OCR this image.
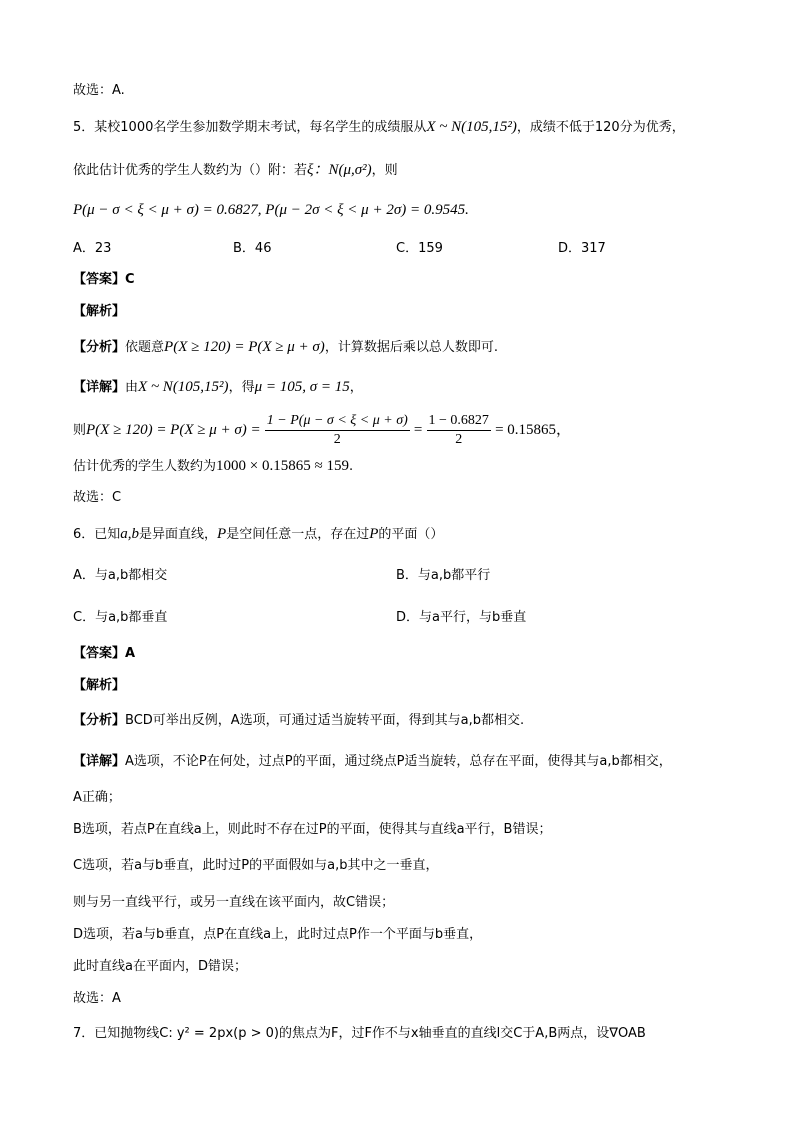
故选：A.
5．某校1000名学生参加数学期末考试，每名学生的成绩服从X ~ N(105,15²)，成绩不低于120分为优秀，
依此估计优秀的学生人数约为（）附：若ξ：N(μ,σ²)，则
P(μ − σ < ξ < μ + σ) = 0.6827, P(μ − 2σ < ξ < μ + 2σ) = 0.9545.
A．23	B．46	C．159	D．317
【答案】C
【解析】
【分析】依题意P(X ≥ 120) = P(X ≥ μ + σ)，计算数据后乘以总人数即可.
【详解】由X ~ N(105,15²)，得μ = 105, σ = 15，
则$P(X \ge 120) = P(X \ge \mu + \sigma) = \frac{1 - P(\mu - \sigma < \xi < \mu + \sigma)}{2} = \frac{1 - 0.6827}{2} = 0.15865$，
估计优秀的学生人数约为1000 × 0.15865 ≈ 159.
故选：C
6．已知a,b是异面直线，P是空间任意一点，存在过P的平面（）
A．与a,b都相交	B．与a,b都平行
C．与a,b都垂直	D．与a平行，与b垂直
【答案】A
【解析】
【分析】BCD可举出反例，A选项，可通过适当旋转平面，得到其与a,b都相交.
【详解】A选项，不论P在何处，过点P的平面，通过绕点P适当旋转，总存在平面，使得其与a,b都相交，
A正确；
B选项，若点P在直线a上，则此时不存在过P的平面，使得其与直线a平行，B错误；
C选项，若a与b垂直，此时过P的平面假如与a,b其中之一垂直，
则与另一直线平行，或另一直线在该平面内，故C错误；
D选项，若a与b垂直，点P在直线a上，此时过点P作一个平面与b垂直，
此时直线a在平面内，D错误；
故选：A
7．已知抛物线C: y² = 2px(p > 0)的焦点为F，过F作不与x轴垂直的直线l交C于A,B两点，设∇OAB
